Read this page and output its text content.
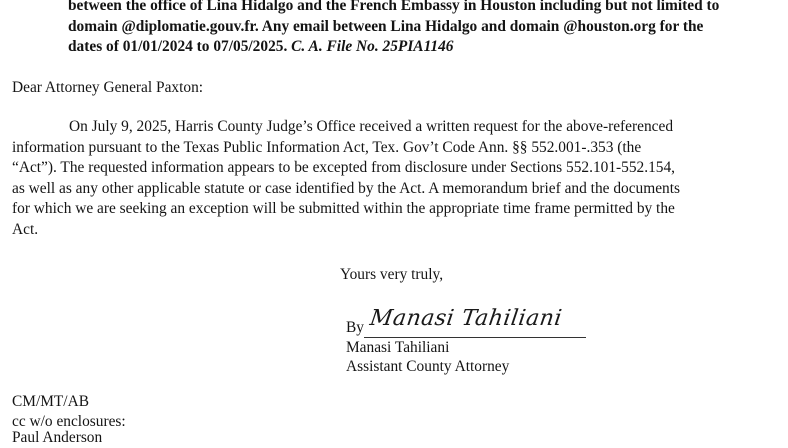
between the office of Lina Hidalgo and the French Embassy in Houston including but not limited to
domain @diplomatie.gouv.fr. Any email between Lina Hidalgo and domain @houston.org for the
dates of 01/01/2024 to 07/05/2025. C. A. File No. 25PIA1146
Dear Attorney General Paxton:
On July 9, 2025, Harris County Judge’s Office received a written request for the above-referenced
information pursuant to the Texas Public Information Act, Tex. Gov’t Code Ann. §§ 552.001-.353 (the
“Act”). The requested information appears to be excepted from disclosure under Sections 552.101-552.154,
as well as any other applicable statute or case identified by the Act. A memorandum brief and the documents
for which we are seeking an exception will be submitted within the appropriate time frame permitted by the
Act.
Yours very truly,
By Manasi Tahiliani
Manasi Tahiliani
Assistant County Attorney
CM/MT/AB
cc w/o enclosures:
Paul Anderson
